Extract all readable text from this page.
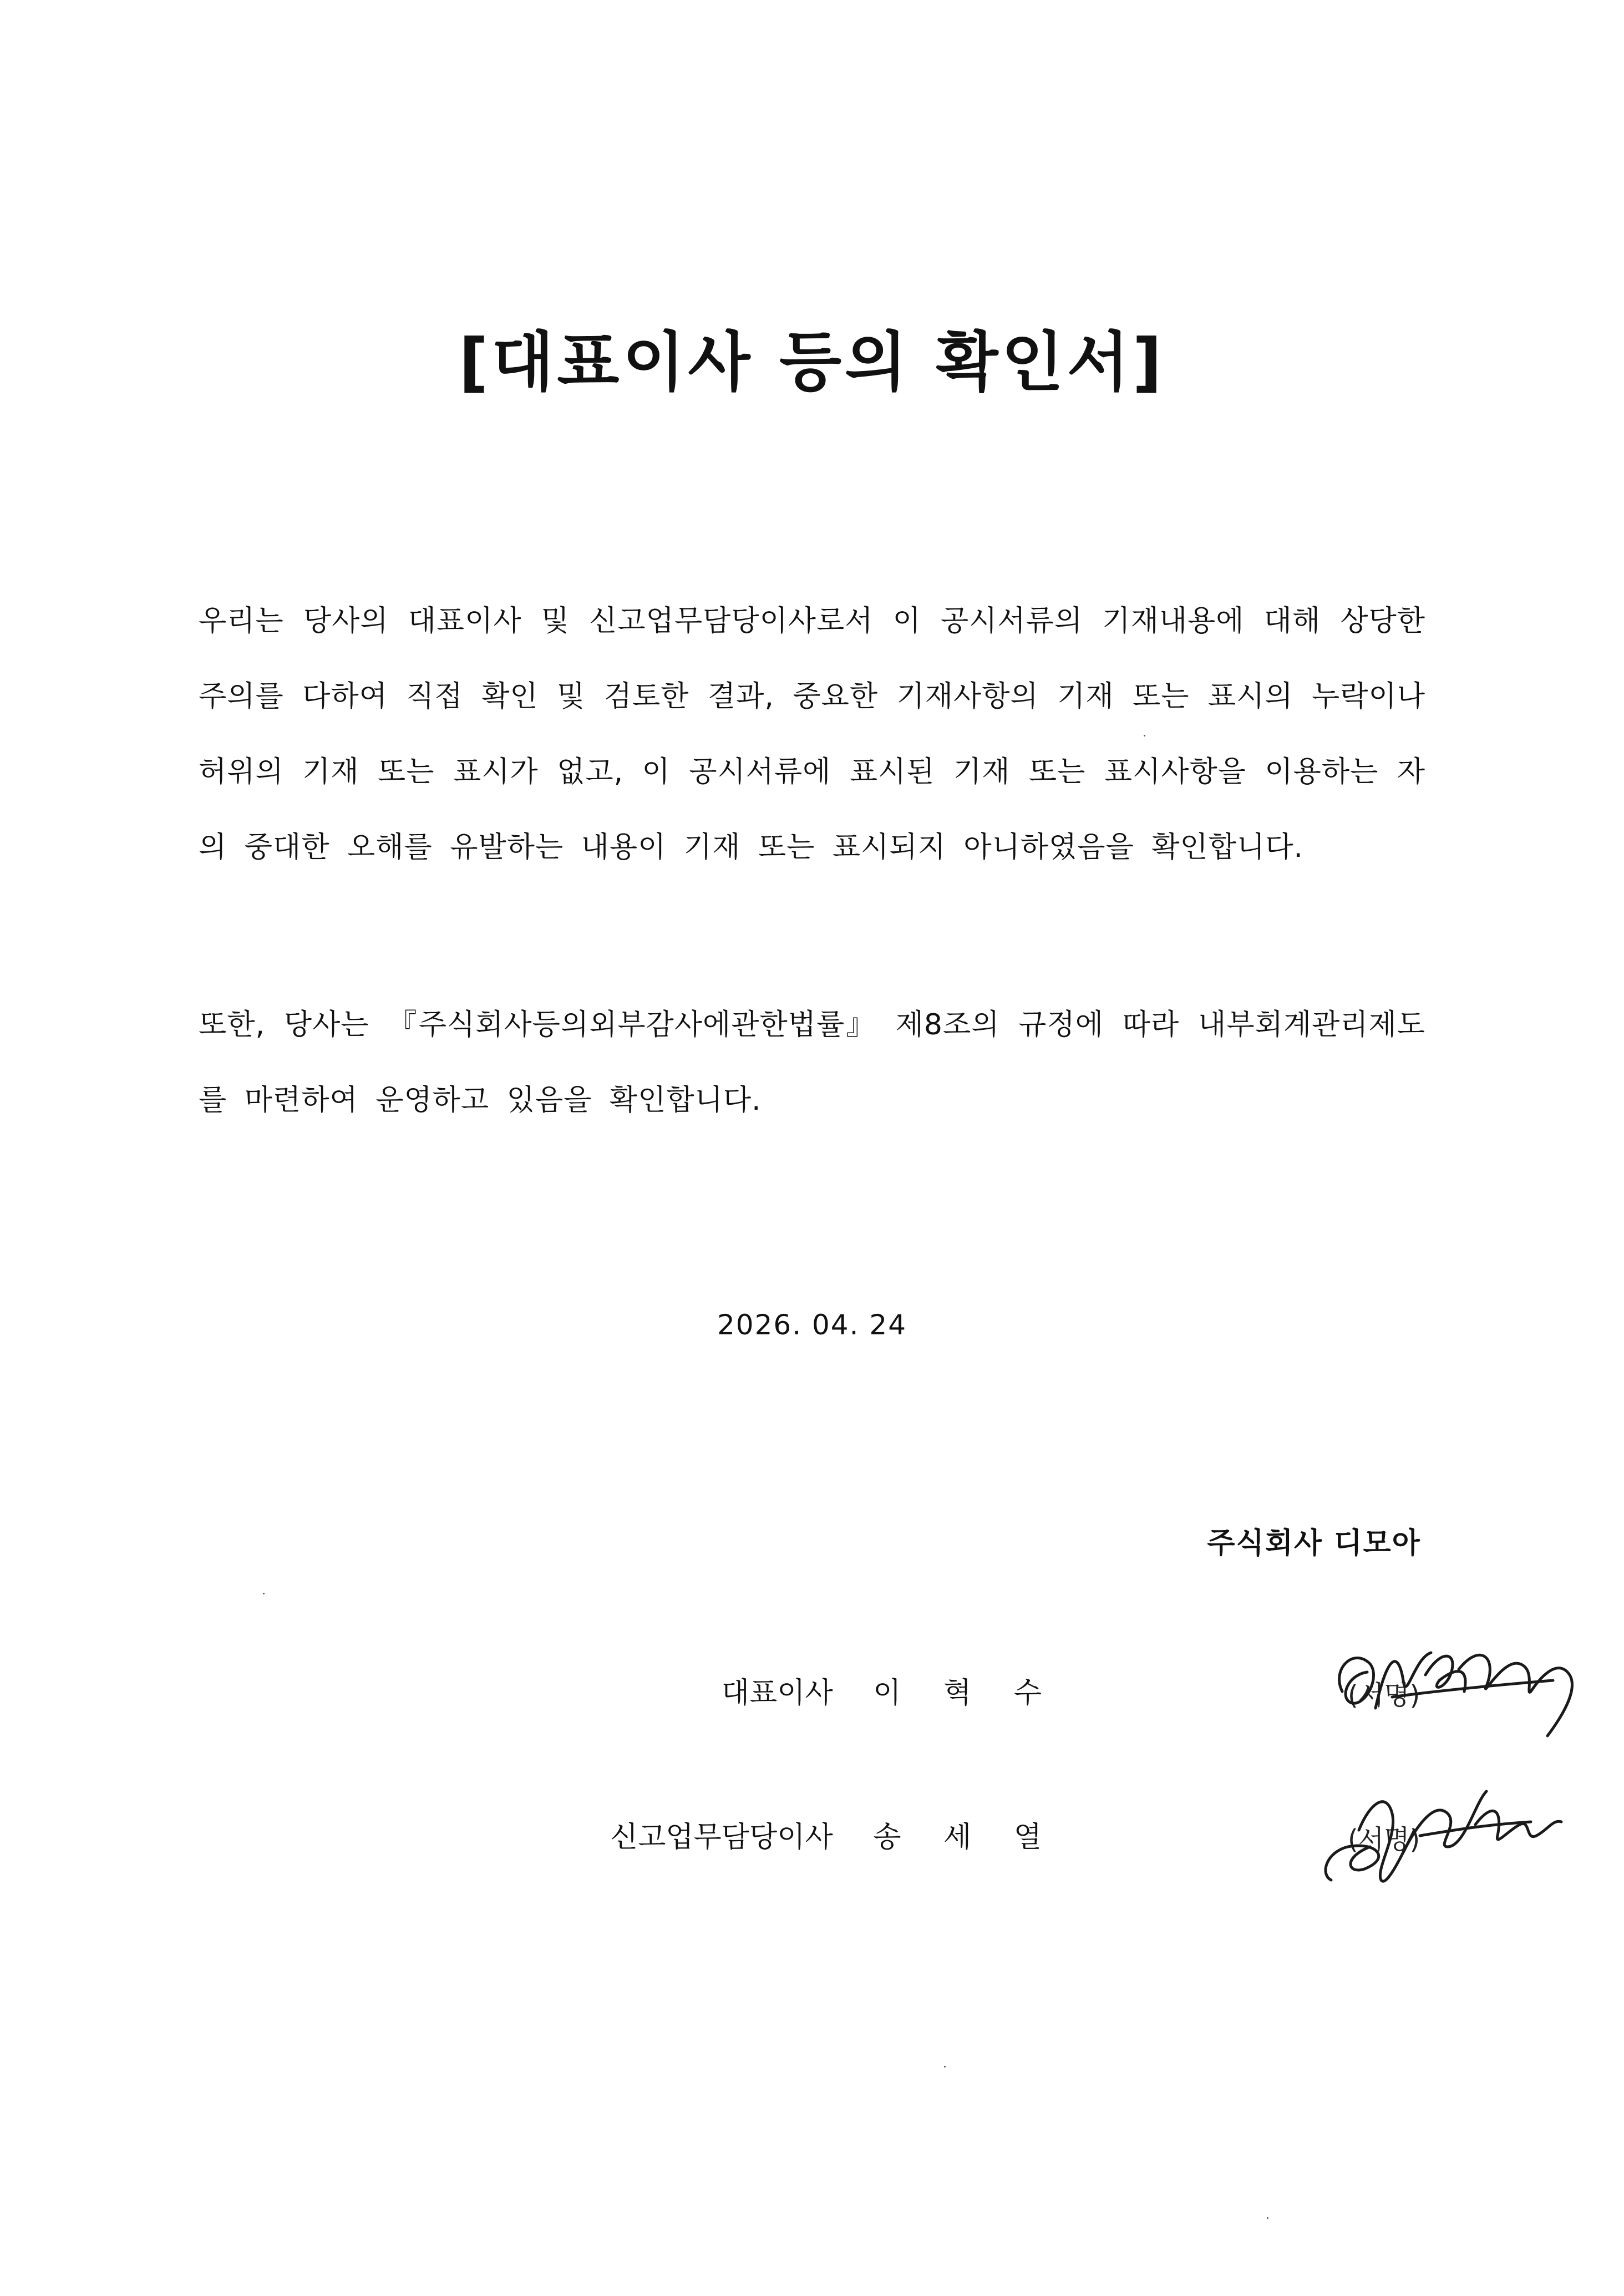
[대표이사 등의 확인서]

우리는 당사의 대표이사 및 신고업무담당이사로서 이 공시서류의 기재내용에 대해 상당한 주의를 다하여 직접 확인 및 검토한 결과, 중요한 기재사항의 기재 또는 표시의 누락이나 허위의 기재 또는 표시가 없고, 이 공시서류에 표시된 기재 또는 표시사항을 이용하는 자의 중대한 오해를 유발하는 내용이 기재 또는 표시되지 아니하였음을 확인합니다.

또한, 당사는 『주식회사등의외부감사에관한법률』 제8조의 규정에 따라 내부회계관리제도를 마련하여 운영하고 있음을 확인합니다.

2026. 04. 24

주식회사 디모아

대표이사 이 혁 수	(서명)
신고업무담당이사 송 세 열	(서명)
